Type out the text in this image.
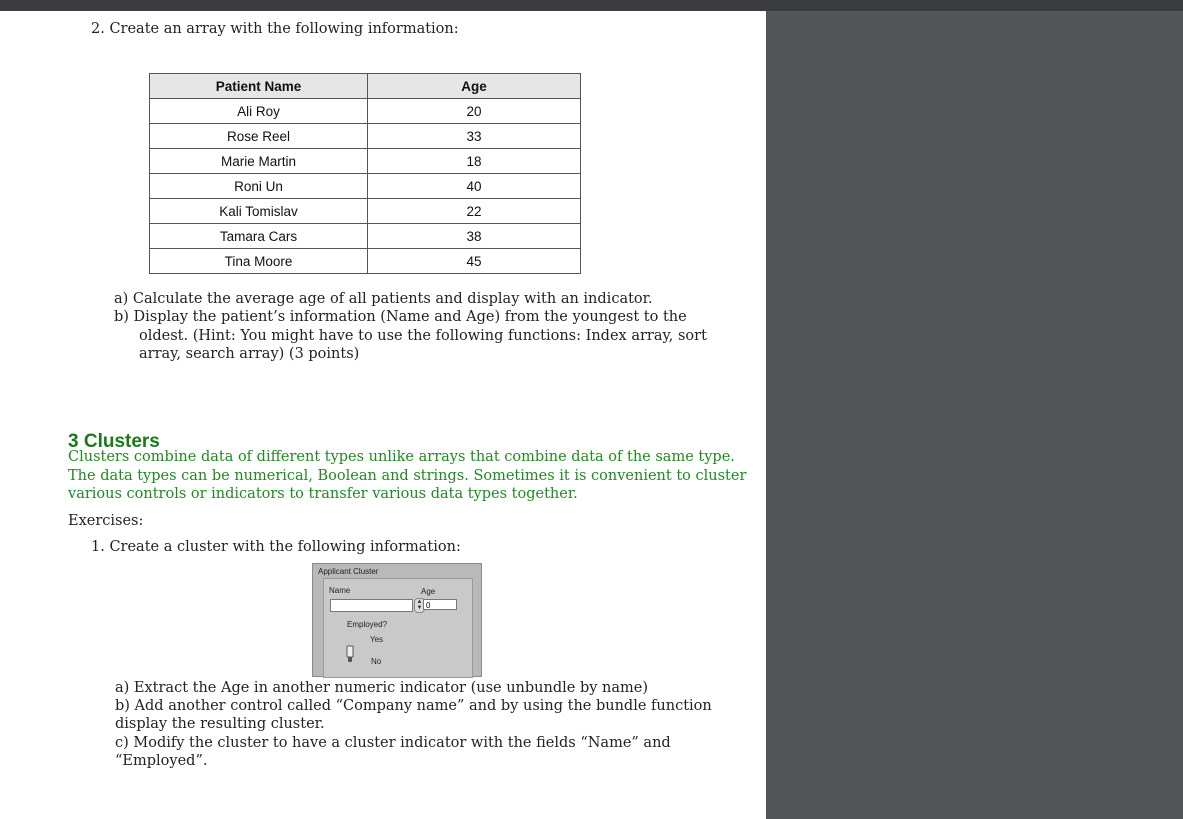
2. Create an array with the following information:
Patient Name	Age
Ali Roy	20
Rose Reel	33
Marie Martin	18
Roni Un	40
Kali Tomislav	22
Tamara Cars	38
Tina Moore	45
a) Calculate the average age of all patients and display with an indicator.
b) Display the patient’s information (Name and Age) from the youngest to the
oldest. (Hint: You might have to use the following functions: Index array, sort
array, search array) (3 points)
3 Clusters
Clusters combine data of different types unlike arrays that combine data of the same type.
The data types can be numerical, Boolean and strings. Sometimes it is convenient to cluster
various controls or indicators to transfer various data types together.
Exercises:
1. Create a cluster with the following information:
Applicant Cluster
Name	Age
▲
▼ 0
Employed?
Yes
No
a) Extract the Age in another numeric indicator (use unbundle by name)
b) Add another control called “Company name” and by using the bundle function
display the resulting cluster.
c) Modify the cluster to have a cluster indicator with the fields “Name” and
“Employed”.
